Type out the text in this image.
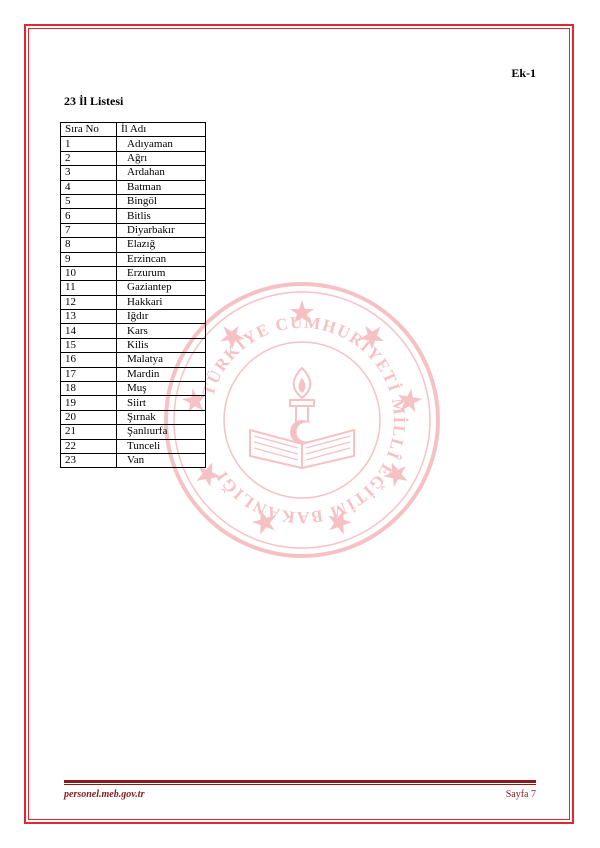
TÜRKİYE CUMHURİYETİ MİLLÎ EĞİTİM BAKANLIĞI
Ek-1
23 İl Listesi
Sıra No	İl Adı
1	Adıyaman
2	Ağrı
3	Ardahan
4	Batman
5	Bingöl
6	Bitlis
7	Diyarbakır
8	Elazığ
9	Erzincan
10	Erzurum
11	Gaziantep
12	Hakkari
13	Iğdır
14	Kars
15	Kilis
16	Malatya
17	Mardin
18	Muş
19	Siirt
20	Şırnak
21	Şanlıurfa
22	Tunceli
23	Van
personel.meb.gov.tr	Sayfa 7
